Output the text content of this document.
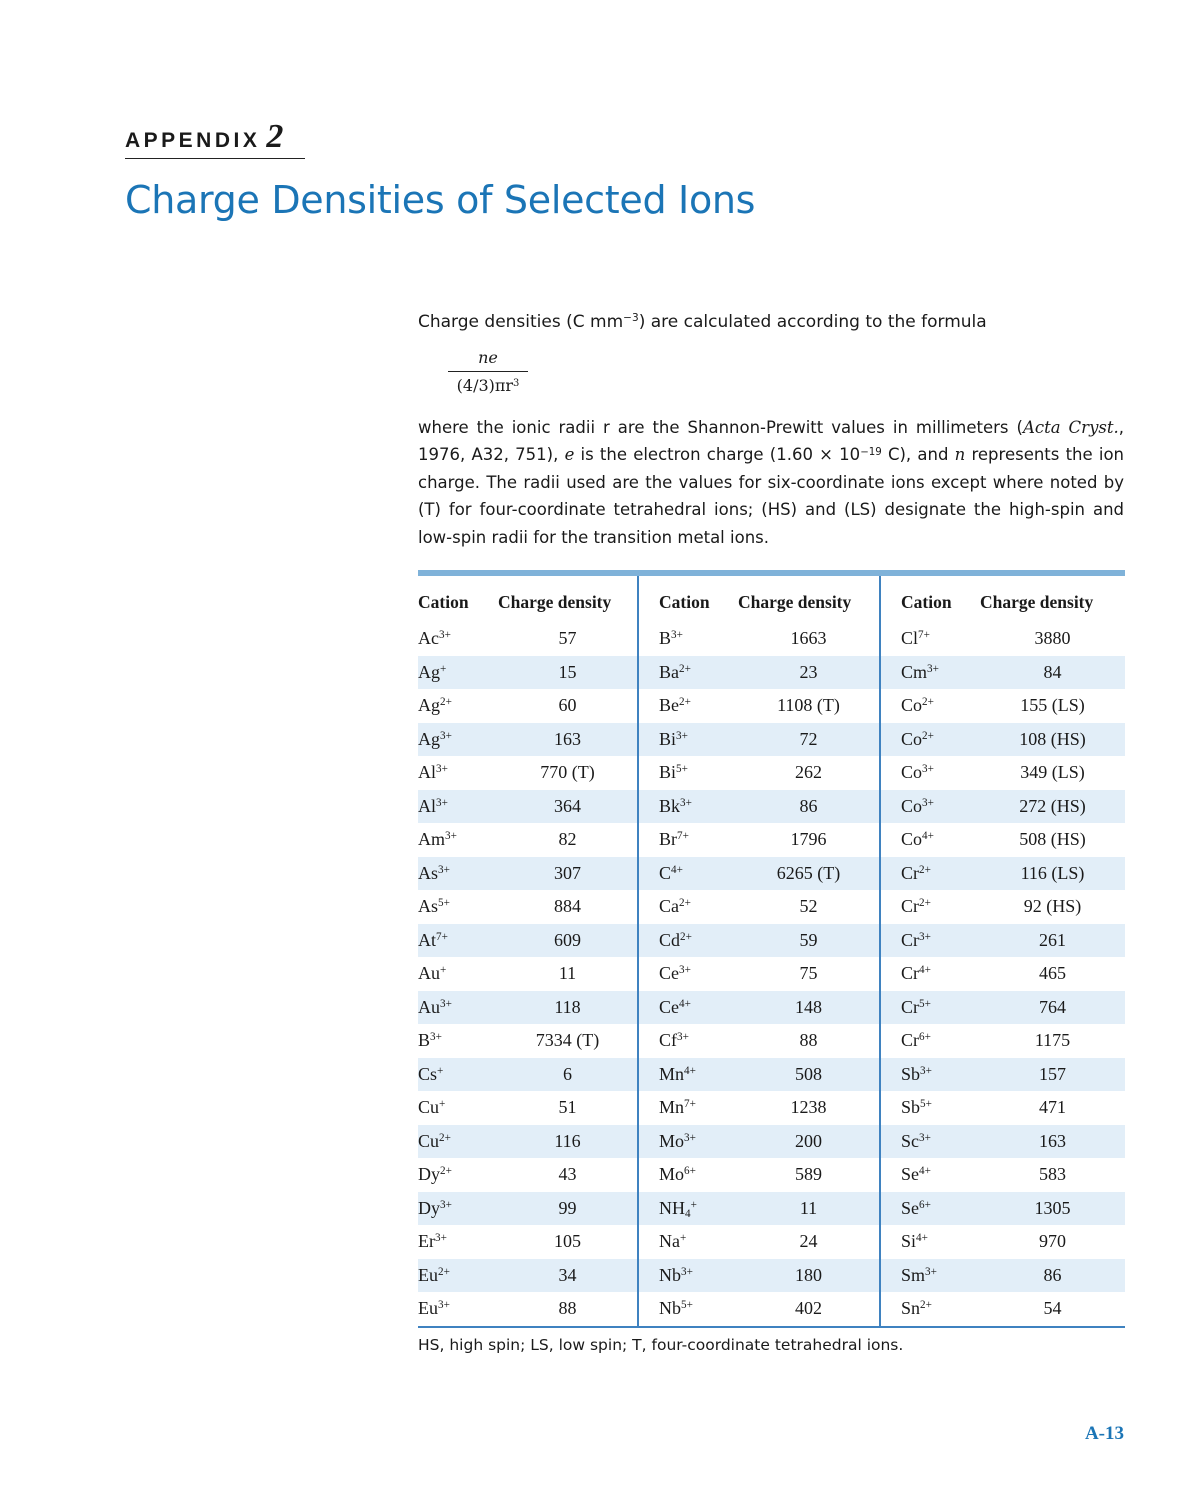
APPENDIX 2
Charge Densities of Selected Ions

Charge densities (C $mm^{-3}$) are calculated according to the formula

$\frac{ne}{(4/3)\pi r^3}$

where the ionic radii r are the Shannon-Prewitt values in millimeters (Acta Cryst., 1976, A32, 751), e is the electron charge ($1.60 \times 10^{-19}$ C), and n represents the ion charge. The radii used are the values for six-coordinate ions except where noted by (T) for four-coordinate tetrahedral ions; (HS) and (LS) designate the high-spin and low-spin radii for the transition metal ions.

Cation	Charge density	Cation	Charge density	Cation	Charge density
$Ac^{3+}$	57	$B^{3+}$	1663	$Cl^{7+}$	3880
Ag+	15	$Ba^{2+}$	23	$Cm^{3+}$	84
$Ag^{2+}$	60	$Be^{2+}$	1108 (T)	$Co^{2+}$	155 (LS)
$Ag^{3+}$	163	$Bi^{3+}$	72	$Co^{2+}$	108 (HS)
$Al^{3+}$	770 (T)	$Bi^{5+}$	262	$Co^{3+}$	349 (LS)
$Al^{3+}$	364	$Bk^{3+}$	86	$Co^{3+}$	272 (HS)
$Am^{3+}$	82	$Br^{7+}$	1796	$Co^{4+}$	508 (HS)
$As^{3+}$	307	$C^{4+}$	6265 (T)	$Cr^{2+}$	116 (LS)
$As^{5+}$	884	$Ca^{2+}$	52	$Cr^{2+}$	92 (HS)
$At^{7+}$	609	$Cd^{2+}$	59	$Cr^{3+}$	261
Au+	11	$Ce^{3+}$	75	$Cr^{4+}$	465
$Au^{3+}$	118	$Ce^{4+}$	148	$Cr^{5+}$	764
$B^{3+}$	7334 (T)	$Cf^{3+}$	88	$Cr^{6+}$	1175
Cs+	6	$Mn^{4+}$	508	$Sb^{3+}$	157
Cu+	51	$Mn^{7+}$	1238	$Sb^{5+}$	471
$Cu^{2+}$	116	$Mo^{3+}$	200	$Sc^{3+}$	163
$Dy^{2+}$	43	$Mo^{6+}$	589	$Se^{4+}$	583
$Dy^{3+}$	99	$NH_4^+$	11	$Se^{6+}$	1305
$Er^{3+}$	105	Na+	24	$Si^{4+}$	970
$Eu^{2+}$	34	$Nb^{3+}$	180	$Sm^{3+}$	86
$Eu^{3+}$	88	$Nb^{5+}$	402	$Sn^{2+}$	54

HS, high spin; LS, low spin; T, four-coordinate tetrahedral ions.

A-13
